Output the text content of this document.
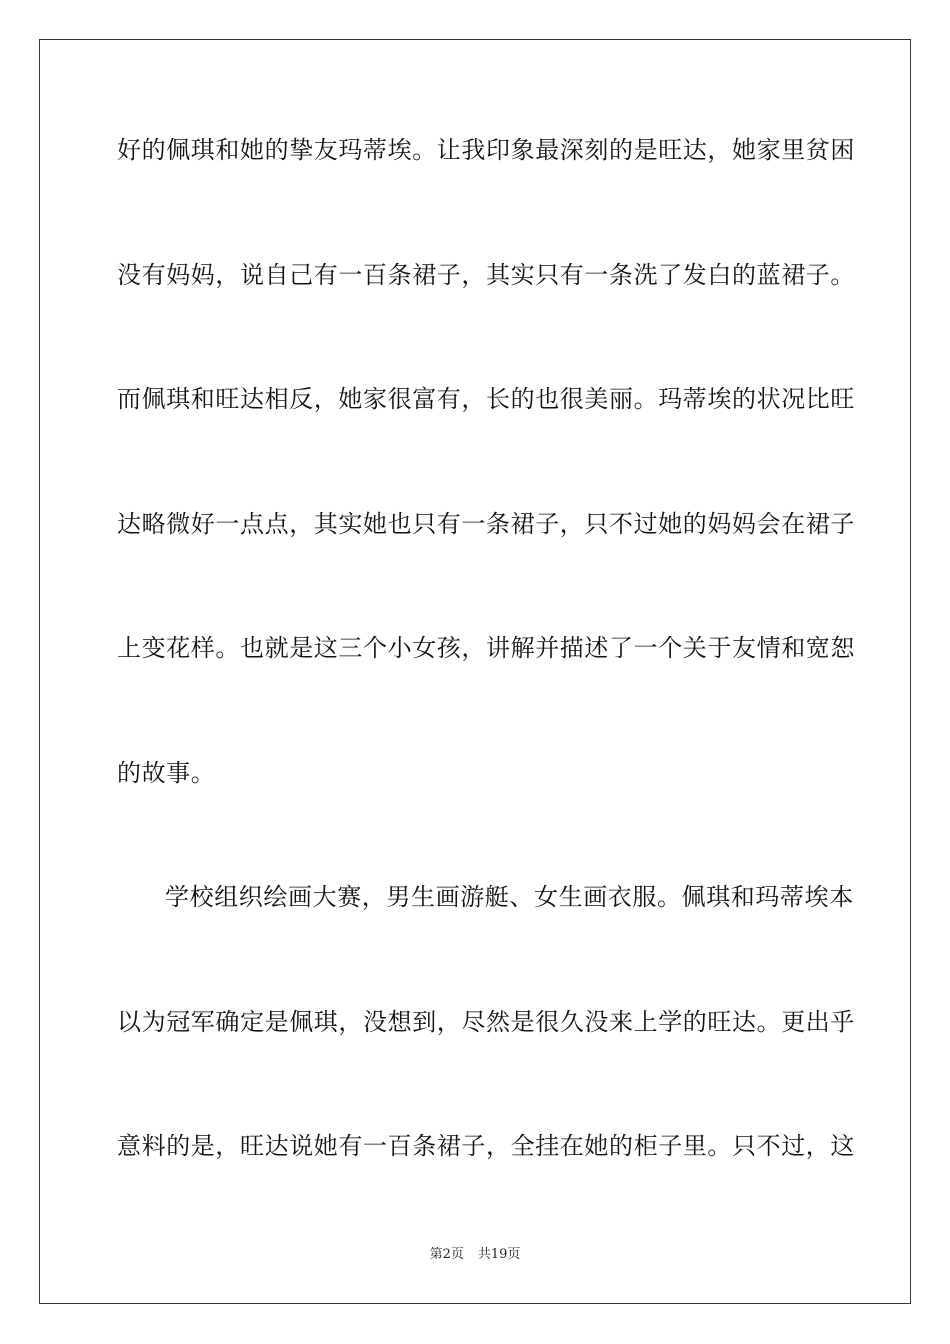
好的佩琪和她的挚友玛蒂埃。让我印象最深刻的是旺达，她家里贫困
没有妈妈，说自己有一百条裙子，其实只有一条洗了发白的蓝裙子。
而佩琪和旺达相反，她家很富有，长的也很美丽。玛蒂埃的状况比旺
达略微好一点点，其实她也只有一条裙子，只不过她的妈妈会在裙子
上变花样。也就是这三个小女孩，讲解并描述了一个关于友情和宽恕
的故事。
学校组织绘画大赛，男生画游艇、女生画衣服。佩琪和玛蒂埃本
以为冠军确定是佩琪，没想到，尽然是很久没来上学的旺达。更出乎
意料的是，旺达说她有一百条裙子，全挂在她的柜子里。只不过，这
第2页 共19页
